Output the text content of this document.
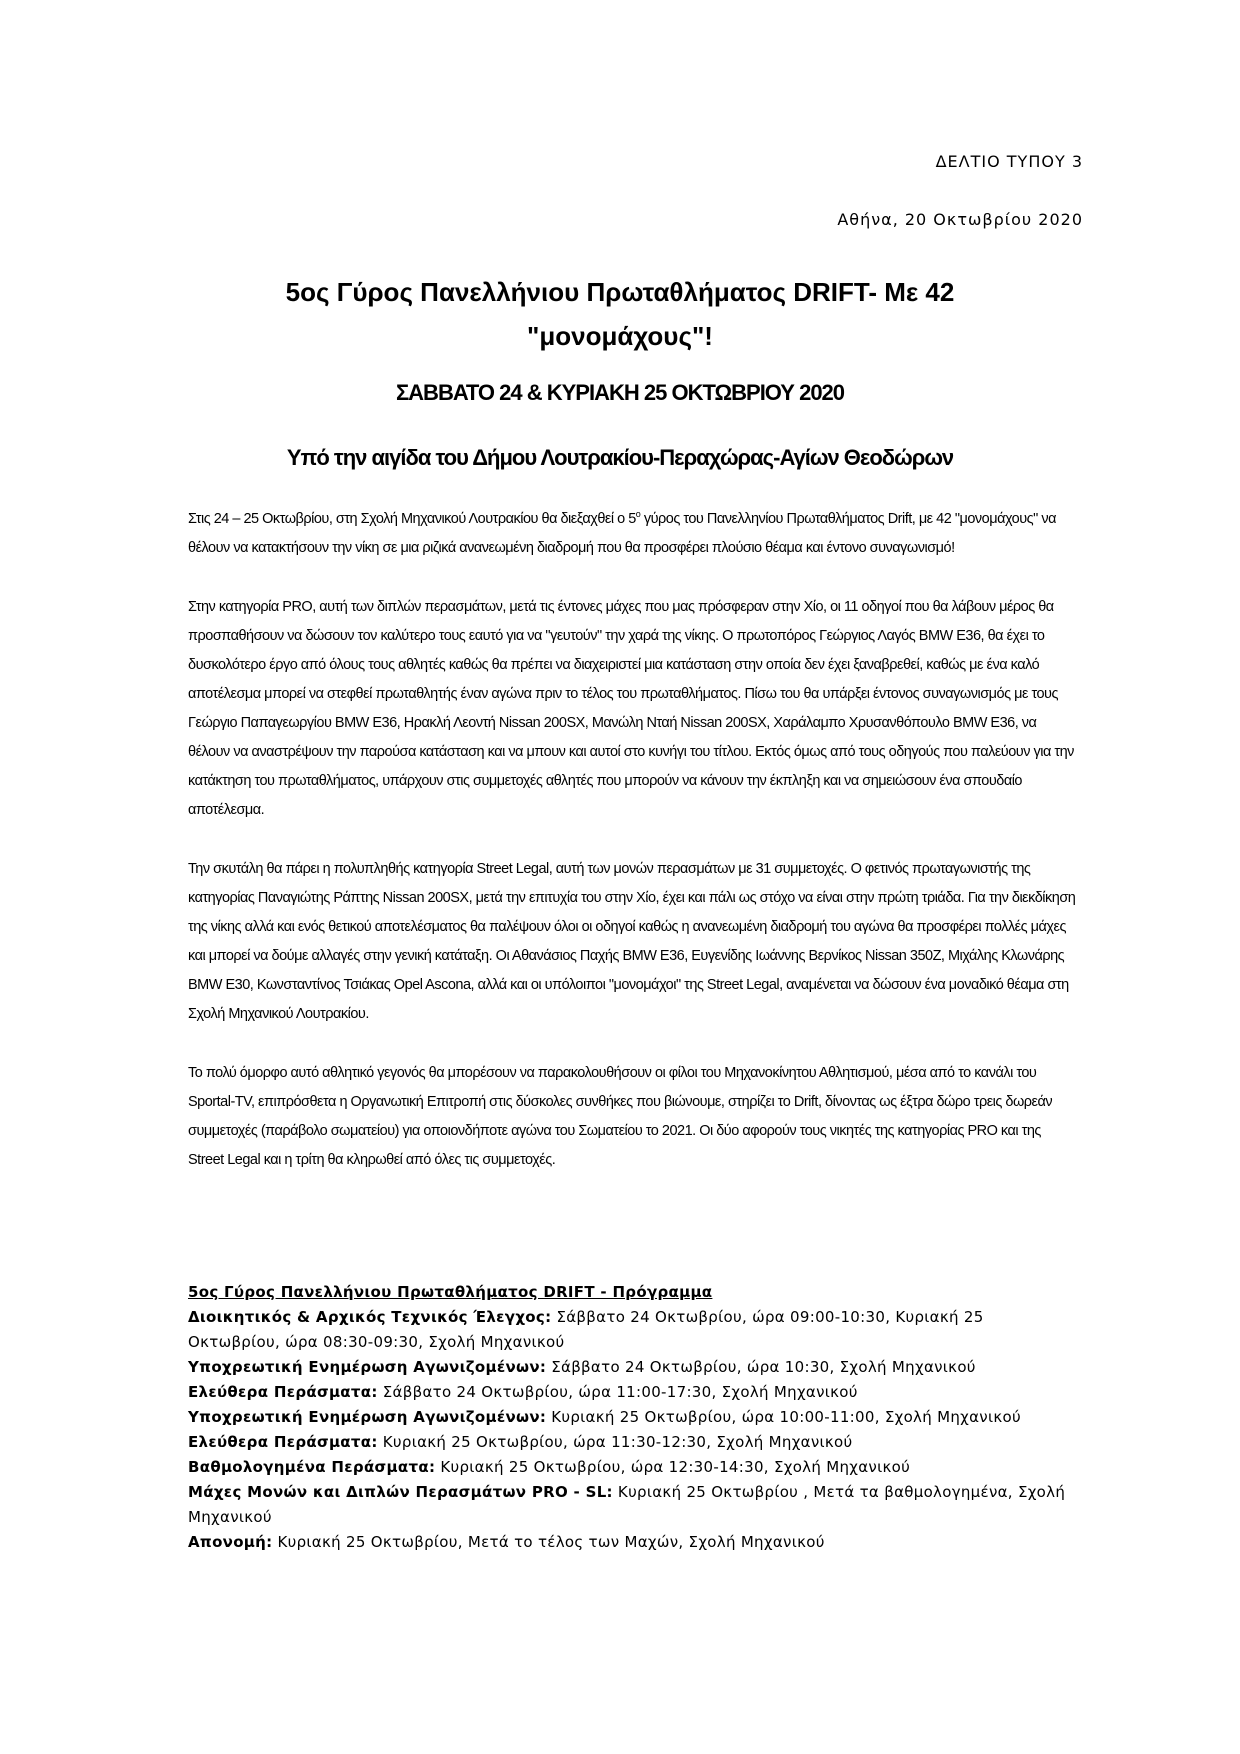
ΔΕΛΤΙΟ ΤΥΠΟΥ 3
Αθήνα, 20 Οκτωβρίου 2020
5ος Γύρος Πανελλήνιου Πρωταθλήματος DRIFT- Με 42
"μονομάχους"!
ΣΑΒΒΑΤΟ 24 & ΚΥΡΙΑΚΗ 25 ΟΚΤΩΒΡΙΟΥ 2020
Υπό την αιγίδα του Δήμου Λουτρακίου-Περαχώρας-Αγίων Θεοδώρων

Στις 24 – 25 Οκτωβρίου, στη Σχολή Μηχανικού Λουτρακίου θα διεξαχθεί ο $5^o$ γύρος του Πανελληνίου Πρωταθλήματος Drift, με 42 "μονομάχους" να θέλουν να κατακτήσουν την νίκη σε μια ριζικά ανανεωμένη διαδρομή που θα προσφέρει πλούσιο θέαμα και έντονο συναγωνισμό!

Στην κατηγορία PRO, αυτή των διπλών περασμάτων, μετά τις έντονες μάχες που μας πρόσφεραν στην Χίο, οι 11 οδηγοί που θα λάβουν μέρος θα προσπαθήσουν να δώσουν τον καλύτερο τους εαυτό για να "γευτούν" την χαρά της νίκης. Ο πρωτοπόρος Γεώργιος Λαγός BMW E36, θα έχει το δυσκολότερο έργο από όλους τους αθλητές καθώς θα πρέπει να διαχειριστεί μια κατάσταση στην οποία δεν έχει ξαναβρεθεί, καθώς με ένα καλό αποτέλεσμα μπορεί να στεφθεί πρωταθλητής έναν αγώνα πριν το τέλος του πρωταθλήματος. Πίσω του θα υπάρξει έντονος συναγωνισμός με τους Γεώργιο Παπαγεωργίου BMW E36, Ηρακλή Λεοντή Nissan 200SX, Μανώλη Νταή Nissan 200SX, Χαράλαμπο Χρυσανθόπουλο BMW E36, να θέλουν να αναστρέψουν την παρούσα κατάσταση και να μπουν και αυτοί στο κυνήγι του τίτλου. Εκτός όμως από τους οδηγούς που παλεύουν για την κατάκτηση του πρωταθλήματος, υπάρχουν στις συμμετοχές αθλητές που μπορούν να κάνουν την έκπληξη και να σημειώσουν ένα σπουδαίο αποτέλεσμα.

Την σκυτάλη θα πάρει η πολυπληθής κατηγορία Street Legal, αυτή των μονών περασμάτων με 31 συμμετοχές. Ο φετινός πρωταγωνιστής της κατηγορίας Παναγιώτης Ράπτης Nissan 200SX, μετά την επιτυχία του στην Χίο, έχει και πάλι ως στόχο να είναι στην πρώτη τριάδα. Για την διεκδίκηση της νίκης αλλά και ενός θετικού αποτελέσματος θα παλέψουν όλοι οι οδηγοί καθώς η ανανεωμένη διαδρομή του αγώνα θα προσφέρει πολλές μάχες και μπορεί να δούμε αλλαγές στην γενική κατάταξη. Οι Αθανάσιος Παχής BMW E36, Ευγενίδης Ιωάννης Βερνίκος Nissan 350Z, Μιχάλης Κλωνάρης BMW E30, Κωνσταντίνος Τσιάκας Opel Ascona, αλλά και οι υπόλοιποι "μονομάχοι" της Street Legal, αναμένεται να δώσουν ένα μοναδικό θέαμα στη Σχολή Μηχανικού Λουτρακίου.

Το πολύ όμορφο αυτό αθλητικό γεγονός θα μπορέσουν να παρακολουθήσουν οι φίλοι του Μηχανοκίνητου Αθλητισμού, μέσα από το κανάλι του Sportal-TV, επιπρόσθετα η Οργανωτική Επιτροπή στις δύσκολες συνθήκες που βιώνουμε, στηρίζει το Drift, δίνοντας ως έξτρα δώρο τρεις δωρεάν συμμετοχές (παράβολο σωματείου) για οποιονδήποτε αγώνα του Σωματείου το 2021. Οι δύο αφορούν τους νικητές της κατηγορίας PRO και της Street Legal και η τρίτη θα κληρωθεί από όλες τις συμμετοχές.

5ος Γύρος Πανελλήνιου Πρωταθλήματος DRIFT - Πρόγραμμα
Διοικητικός & Αρχικός Τεχνικός Έλεγχος: Σάββατο 24 Οκτωβρίου, ώρα 09:00-10:30, Κυριακή 25 Οκτωβρίου, ώρα 08:30-09:30, Σχολή Μηχανικού
Υποχρεωτική Ενημέρωση Αγωνιζομένων: Σάββατο 24 Οκτωβρίου, ώρα 10:30, Σχολή Μηχανικού
Ελεύθερα Περάσματα: Σάββατο 24 Οκτωβρίου, ώρα 11:00-17:30, Σχολή Μηχανικού
Υποχρεωτική Ενημέρωση Αγωνιζομένων: Κυριακή 25 Οκτωβρίου, ώρα 10:00-11:00, Σχολή Μηχανικού
Ελεύθερα Περάσματα: Κυριακή 25 Οκτωβρίου, ώρα 11:30-12:30, Σχολή Μηχανικού
Βαθμολογημένα Περάσματα: Κυριακή 25 Οκτωβρίου, ώρα 12:30-14:30, Σχολή Μηχανικού
Μάχες Μονών και Διπλών Περασμάτων PRO - SL: Κυριακή 25 Οκτωβρίου , Μετά τα βαθμολογημένα, Σχολή Μηχανικού
Απονομή: Κυριακή 25 Οκτωβρίου, Μετά το τέλος των Μαχών, Σχολή Μηχανικού
